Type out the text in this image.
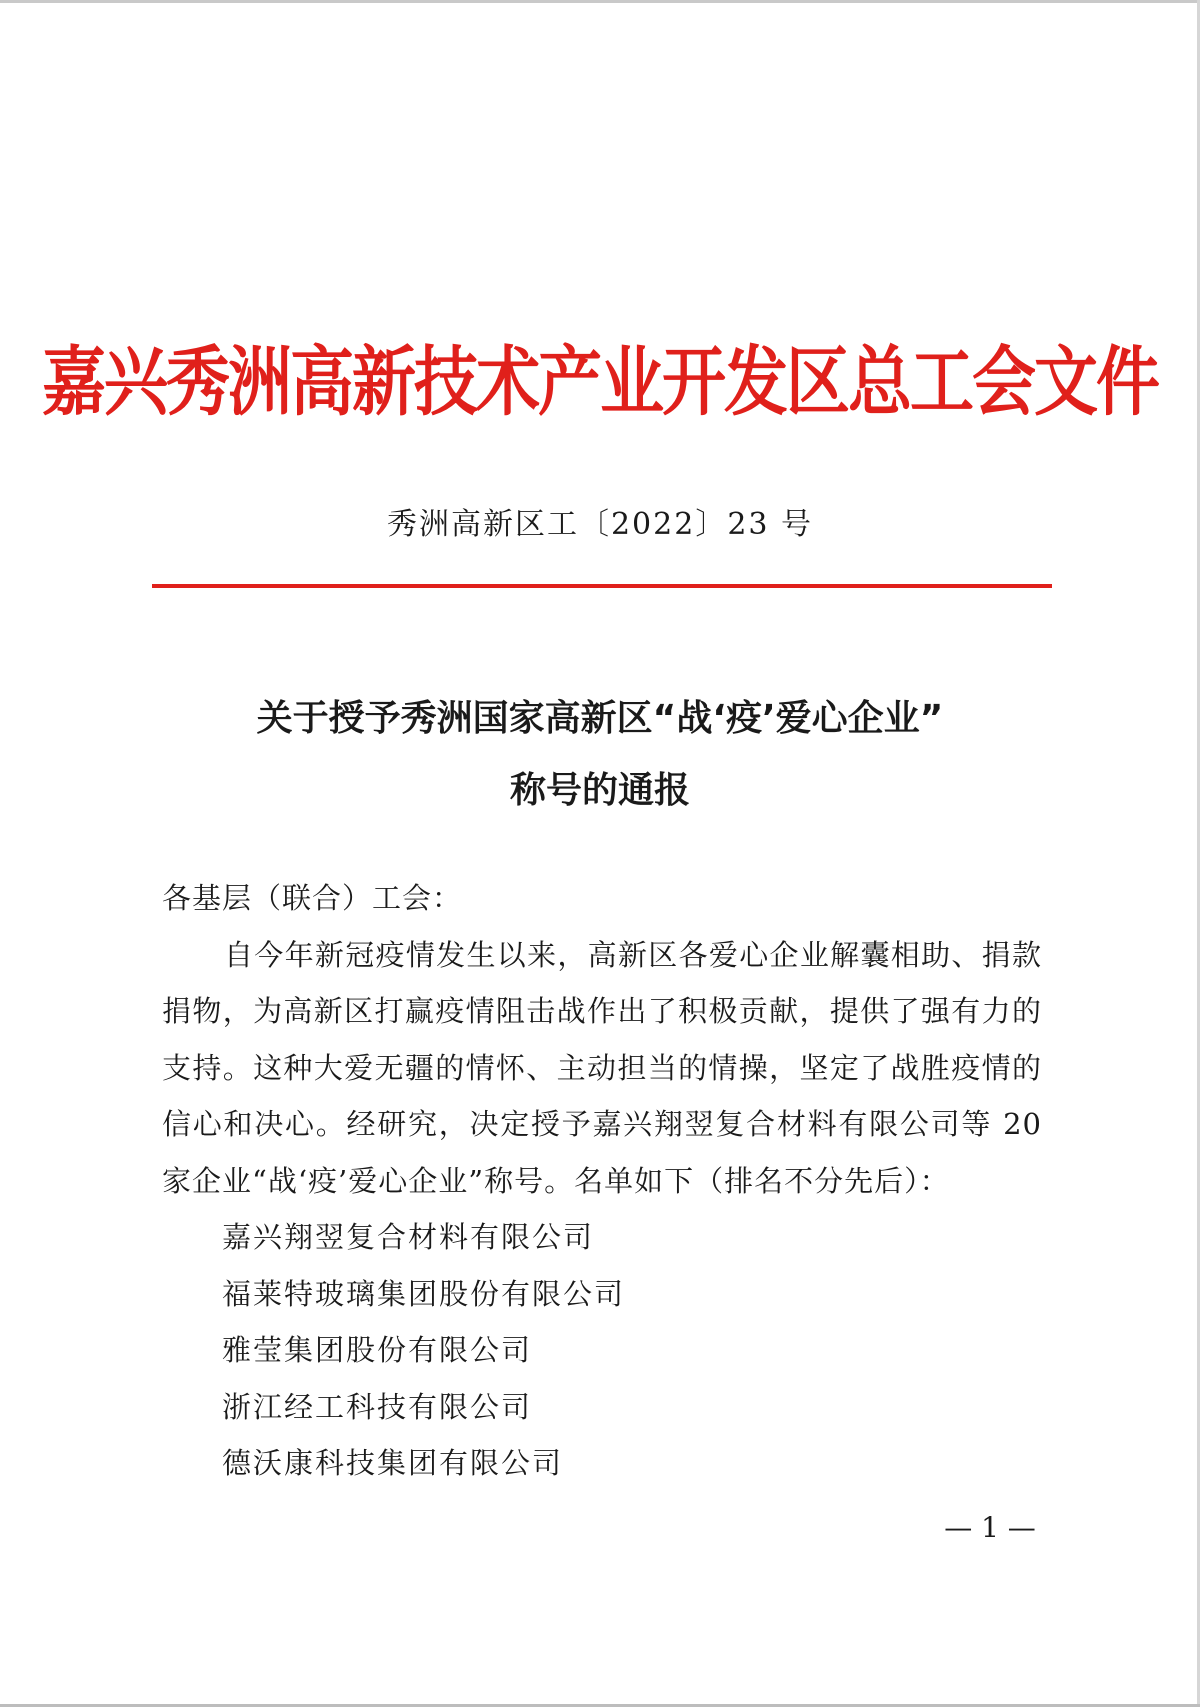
嘉兴秀洲高新技术产业开发区总工会文件
秀洲高新区工〔2022〕23 号
关于授予秀洲国家高新区“战‘疫’爱心企业”
称号的通报
各基层（联合）工会：
自今年新冠疫情发生以来，高新区各爱心企业解囊相助、捐款捐物，为高新区打赢疫情阻击战作出了积极贡献，提供了强有力的支持。这种大爱无疆的情怀、主动担当的情操，坚定了战胜疫情的信心和决心。经研究，决定授予嘉兴翔翌复合材料有限公司等 20家企业“战‘疫’爱心企业”称号。名单如下（排名不分先后）：
嘉兴翔翌复合材料有限公司
福莱特玻璃集团股份有限公司
雅莹集团股份有限公司
浙江经工科技有限公司
德沃康科技集团有限公司
— 1 —
